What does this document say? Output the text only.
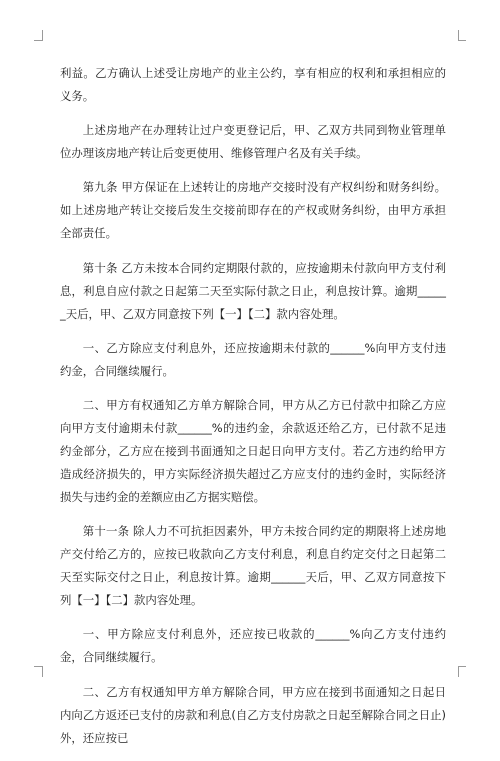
利益。乙方确认上述受让房地产的业主公约，享有相应的权利和承担相应的义务。

上述房地产在办理转让过户变更登记后，甲、乙双方共同到物业管理单位办理该房地产转让后变更使用、维修管理户名及有关手续。

第九条 甲方保证在上述转让的房地产交接时没有产权纠纷和财务纠纷。如上述房地产转让交接后发生交接前即存在的产权或财务纠纷，由甲方承担全部责任。

第十条 乙方未按本合同约定期限付款的，应按逾期未付款向甲方支付利息，利息自应付款之日起第二天至实际付款之日止，利息按计算。逾期______天后，甲、乙双方同意按下列【一】【二】款内容处理。

一、乙方除应支付利息外，还应按逾期未付款的______%向甲方支付违约金，合同继续履行。

二、甲方有权通知乙方单方解除合同，甲方从乙方已付款中扣除乙方应向甲方支付逾期未付款______%的违约金，余款返还给乙方，已付款不足违约金部分，乙方应在接到书面通知之日起日向甲方支付。若乙方违约给甲方造成经济损失的，甲方实际经济损失超过乙方应支付的违约金时，实际经济损失与违约金的差额应由乙方据实赔偿。

第十一条 除人力不可抗拒因素外，甲方未按合同约定的期限将上述房地产交付给乙方的，应按已收款向乙方支付利息，利息自约定交付之日起第二天至实际交付之日止，利息按计算。逾期______天后，甲、乙双方同意按下列【一】【二】款内容处理。

一、甲方除应支付利息外，还应按已收款的______%向乙方支付违约金，合同继续履行。

二、乙方有权通知甲方单方解除合同，甲方应在接到书面通知之日起日内向乙方返还已支付的房款和利息(自乙方支付房款之日起至解除合同之日止)外，还应按已
